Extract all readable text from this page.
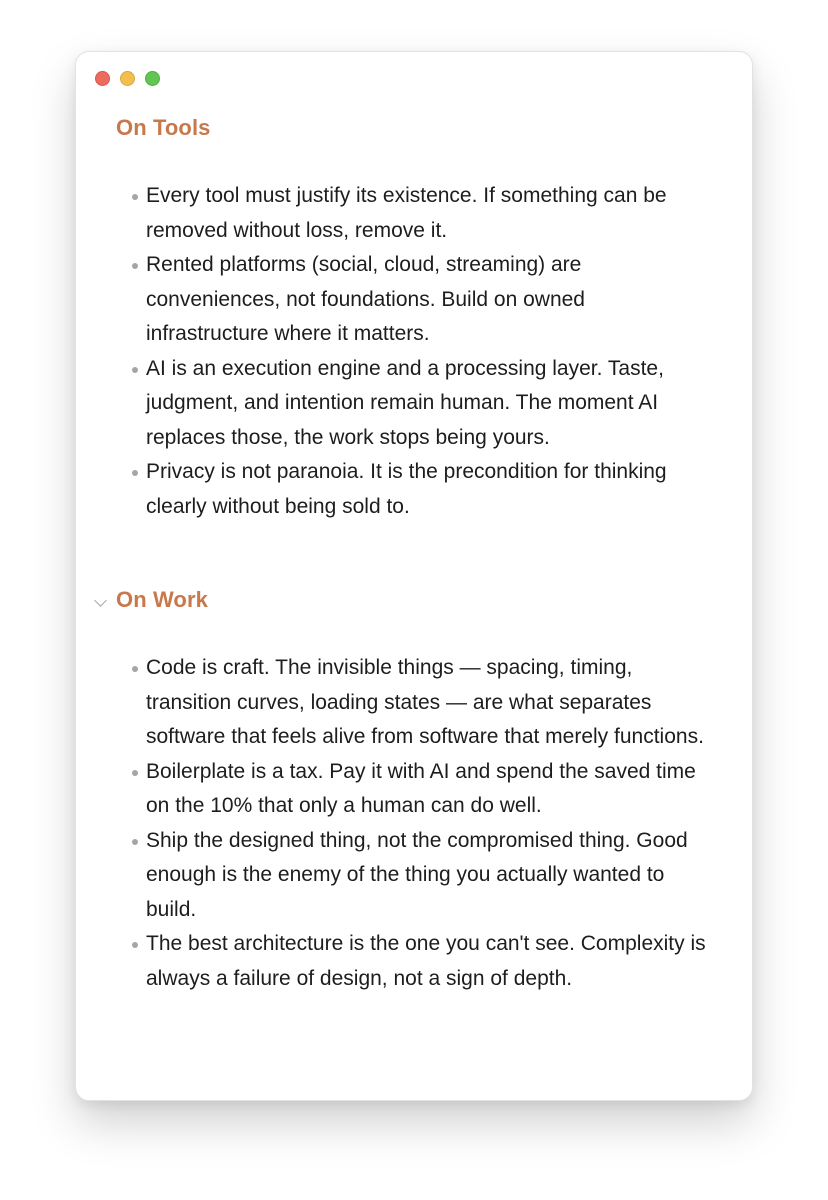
On Tools
Every tool must justify its existence. If something can be removed without loss, remove it.
Rented platforms (social, cloud, streaming) are conveniences, not foundations. Build on owned infrastructure where it matters.
AI is an execution engine and a processing layer. Taste, judgment, and intention remain human. The moment AI replaces those, the work stops being yours.
Privacy is not paranoia. It is the precondition for thinking clearly without being sold to.
On Work
Code is craft. The invisible things — spacing, timing, transition curves, loading states — are what separates software that feels alive from software that merely functions.
Boilerplate is a tax. Pay it with AI and spend the saved time on the 10% that only a human can do well.
Ship the designed thing, not the compromised thing. Good enough is the enemy of the thing you actually wanted to build.
The best architecture is the one you can't see. Complexity is always a failure of design, not a sign of depth.
